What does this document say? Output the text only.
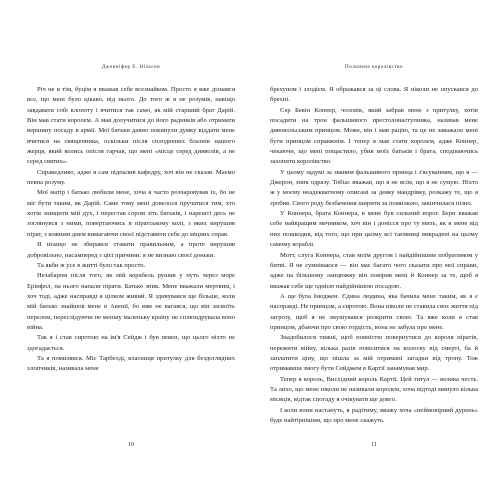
Дженніфер Е. Нільсен

Річ не в тім, буцім я вважав себе всезнайком. Просто я вже дізнався все, що мені було цікаво, від нього. До того ж я не розумів, навіщо завдавати собі клопоту і вчитися так само, як мій старший брат Дарій. Він мав стати королем. А мав долучитися до його радників або отримати вершину посаду в армії. Мої батьки давно покинули думку віддати мене вчитися на священника, оскільки після сплоднених блазнів нашого жерця, який колись опісля гарчав, що мені «місце серед дияволів, а не серед святих».

Справедливо, адже я сам підпалив кафедру, хоч він не сказав. Маємо певна розуму.

Мої матір і батько любили мене, хоча я часто розчаровував їх, бо не міг бути таким, як Дарій. Саме тому мені довелося пручатися тим, хто хотів знищити мій дух, і перестав сором зіть батьків, і нарешті десь не зоглянувся з ними, повертаючись в піратському колі, з яких вирушив пірат, з кожним днем вимагаючи своєї підставити себе до міцних справ.

Я нізащо не збирався ставати правильним, а проте вирушив добровільно, насамперед з цієї причини: я не визнаю своєї доньки.

Та якби ж усе в житті було так просто.

Незабаром після того, як мій корабель рушив у путь через море Ерінфол, на нього напали пірати. Батько зник. Мене вважали мертвим, і хоч тоді, адже насправді я цілком живий. Я здивувався ще більше, коли мій батько знайшов мене в Авенії, бо вже не вагався, що він засвоїть перелом, переслідуючи не меншу маленьку країну не сплюндрувала воно війна.

Так я і став сиротою на ім'я Сейдж і був певен, що цього ніхто не здогадається.

Та я помилявся. Міс Тарбелді, власниця притулку для бездоглядних хлопчиків, називала мене

10
Полонене королівство

брехуном і злодієм. Я ображався за ці слова. Я ніколи не опускався до брехні.

Сер Бевін Коннер, чоловік, який забрав мене з притулку, хотів посадити на трон фальшивого престолонаступника, називав мене дивовольським принцом. Може, він і мав рацію, та це не заважало мені бути принцом справжнім. І тепер я мав стати королем, адже Коннер, чекаючи, що мені пощастило, убив моїх батьків і брата, сподіваючись захопити королівство.

У цьому задумі за званим фальшивого принца і з'ясуванням, що я — Джерон, зник одразу. Тобіас вважав, що я не всім, що я не сумую. Ніхто ж у моєму неадекватному описані за деяку мандрівку, розкажу те, що я зробив. Свого роду безбачення ширити за помилкою, закінчилася пізно.

У Коннера, брата Коннера, в мене був сильний ворог. Берн вважав себе найкращим мечником, хоч він і донісся про ту мить, як я мене від них пошкодив, від того, що при цьому всі таємниці викрадені на цьому самому кораблі.

Мотт, слуга Коннера, став моїм другом і найдійнішим побратимом у битві. Я не сумніваюся — він має багато чого сказати про мої справи, адже на більшому ланцюжку він повірив мені й Коннер за те, щоб я вважав себе ще однією найдійнішою посадою.

А ще була Імоджен. Єдина людина, яка бачила мене таким, як я є насправді. Не принцом, а сиротою. Вона ніколи не ставила своє життя під загрозу, щоб я не змушувався розкрити свою. Та вже коли я став принцом, дбаючи про свою гордість, вона не забула про мене.

Знадобилося тижні, щоб повністю повернутися до короля піратів, пережити війну, кілька разів повіситися на волоску від смерті, ба й заплатити ціну, що пішла за мій отримані загадки від трону. Тож отримавши змогу бути Сейджем в Картії зaнaмувaв мир.

Тепер я король, Висхідний король Картії. Цей титул — велика честь. Та лихо, що мене ніколи не називали королем, хоча відтоді минуло кілька місяців, відтак спогаду я очікувати ще довго.

І коли вони настануть, я радітиму, вважу хоча «неймовірний дурень» буде найтірнішим, що про мене скажуть.

11
